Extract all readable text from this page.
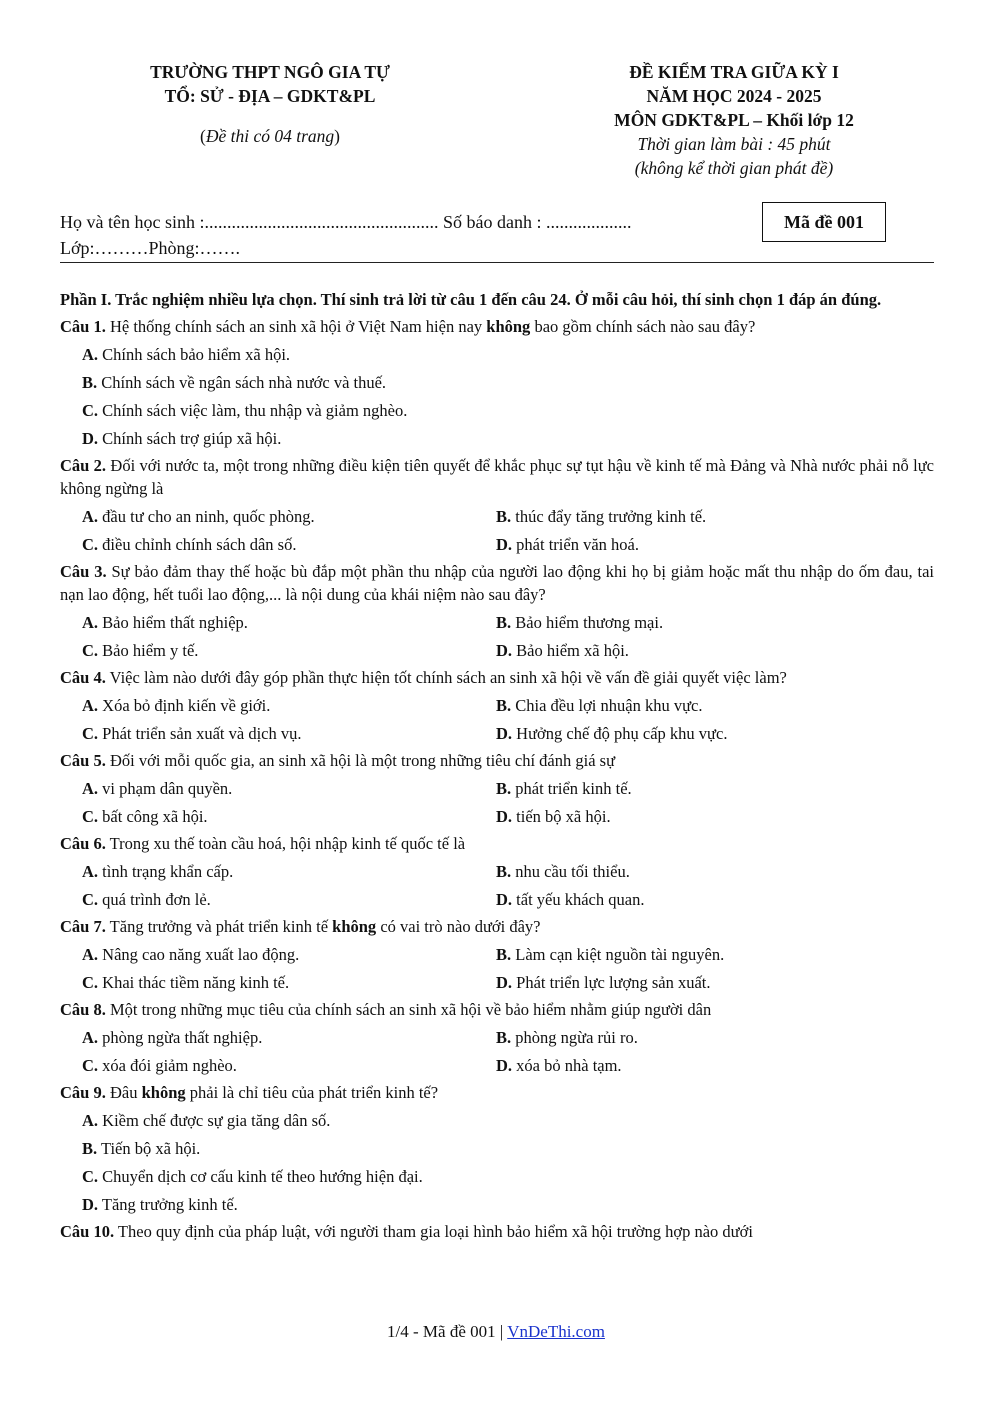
TRƯỜNG THPT NGÔ GIA TỰ
TỔ: SỬ - ĐỊA – GDKT&PL
(Đề thi có 04 trang)
ĐỀ KIỂM TRA GIỮA KỲ I
NĂM HỌC 2024 - 2025
MÔN GDKT&PL – Khối lớp 12
Thời gian làm bài : 45 phút
(không kể thời gian phát đề)
Họ và tên học sinh :.................................................... Số báo danh : ...................
Lớp:………Phòng:…….
Mã đề 001
Phần I. Trắc nghiệm nhiều lựa chọn. Thí sinh trả lời từ câu 1 đến câu 24. Ở mỗi câu hỏi, thí sinh chọn 1 đáp án đúng.
Câu 1. Hệ thống chính sách an sinh xã hội ở Việt Nam hiện nay không bao gồm chính sách nào sau đây?
A. Chính sách bảo hiểm xã hội.
B. Chính sách về ngân sách nhà nước và thuế.
C. Chính sách việc làm, thu nhập và giảm nghèo.
D. Chính sách trợ giúp xã hội.
Câu 2. Đối với nước ta, một trong những điều kiện tiên quyết để khắc phục sự tụt hậu về kinh tế mà Đảng và Nhà nước phải nỗ lực không ngừng là
A. đầu tư cho an ninh, quốc phòng.	B. thúc đẩy tăng trưởng kinh tế.
C. điều chỉnh chính sách dân số.	D. phát triển văn hoá.
Câu 3. Sự bảo đảm thay thế hoặc bù đắp một phần thu nhập của người lao động khi họ bị giảm hoặc mất thu nhập do ốm đau, tai nạn lao động, hết tuổi lao động,... là nội dung của khái niệm nào sau đây?
A. Bảo hiểm thất nghiệp.	B. Bảo hiểm thương mại.
C. Bảo hiểm y tế.	D. Bảo hiểm xã hội.
Câu 4. Việc làm nào dưới đây góp phần thực hiện tốt chính sách an sinh xã hội về vấn đề giải quyết việc làm?
A. Xóa bỏ định kiến về giới.	B. Chia đều lợi nhuận khu vực.
C. Phát triển sản xuất và dịch vụ.	D. Hưởng chế độ phụ cấp khu vực.
Câu 5. Đối với mỗi quốc gia, an sinh xã hội là một trong những tiêu chí đánh giá sự
A. vi phạm dân quyền.	B. phát triển kinh tế.
C. bất công xã hội.	D. tiến bộ xã hội.
Câu 6. Trong xu thế toàn cầu hoá, hội nhập kinh tế quốc tế là
A. tình trạng khẩn cấp.	B. nhu cầu tối thiểu.
C. quá trình đơn lẻ.	D. tất yếu khách quan.
Câu 7. Tăng trưởng và phát triển kinh tế không có vai trò nào dưới đây?
A. Nâng cao năng xuất lao động.	B. Làm cạn kiệt nguồn tài nguyên.
C. Khai thác tiềm năng kinh tế.	D. Phát triển lực lượng sản xuất.
Câu 8. Một trong những mục tiêu của chính sách an sinh xã hội về bảo hiểm nhằm giúp người dân
A. phòng ngừa thất nghiệp.	B. phòng ngừa rủi ro.
C. xóa đói giảm nghèo.	D. xóa bỏ nhà tạm.
Câu 9. Đâu không phải là chỉ tiêu của phát triển kinh tế?
A. Kiềm chế được sự gia tăng dân số.
B. Tiến bộ xã hội.
C. Chuyển dịch cơ cấu kinh tế theo hướng hiện đại.
D. Tăng trưởng kinh tế.
Câu 10. Theo quy định của pháp luật, với người tham gia loại hình bảo hiểm xã hội trường hợp nào dưới
1/4 - Mã đề 001 | VnDeThi.com
